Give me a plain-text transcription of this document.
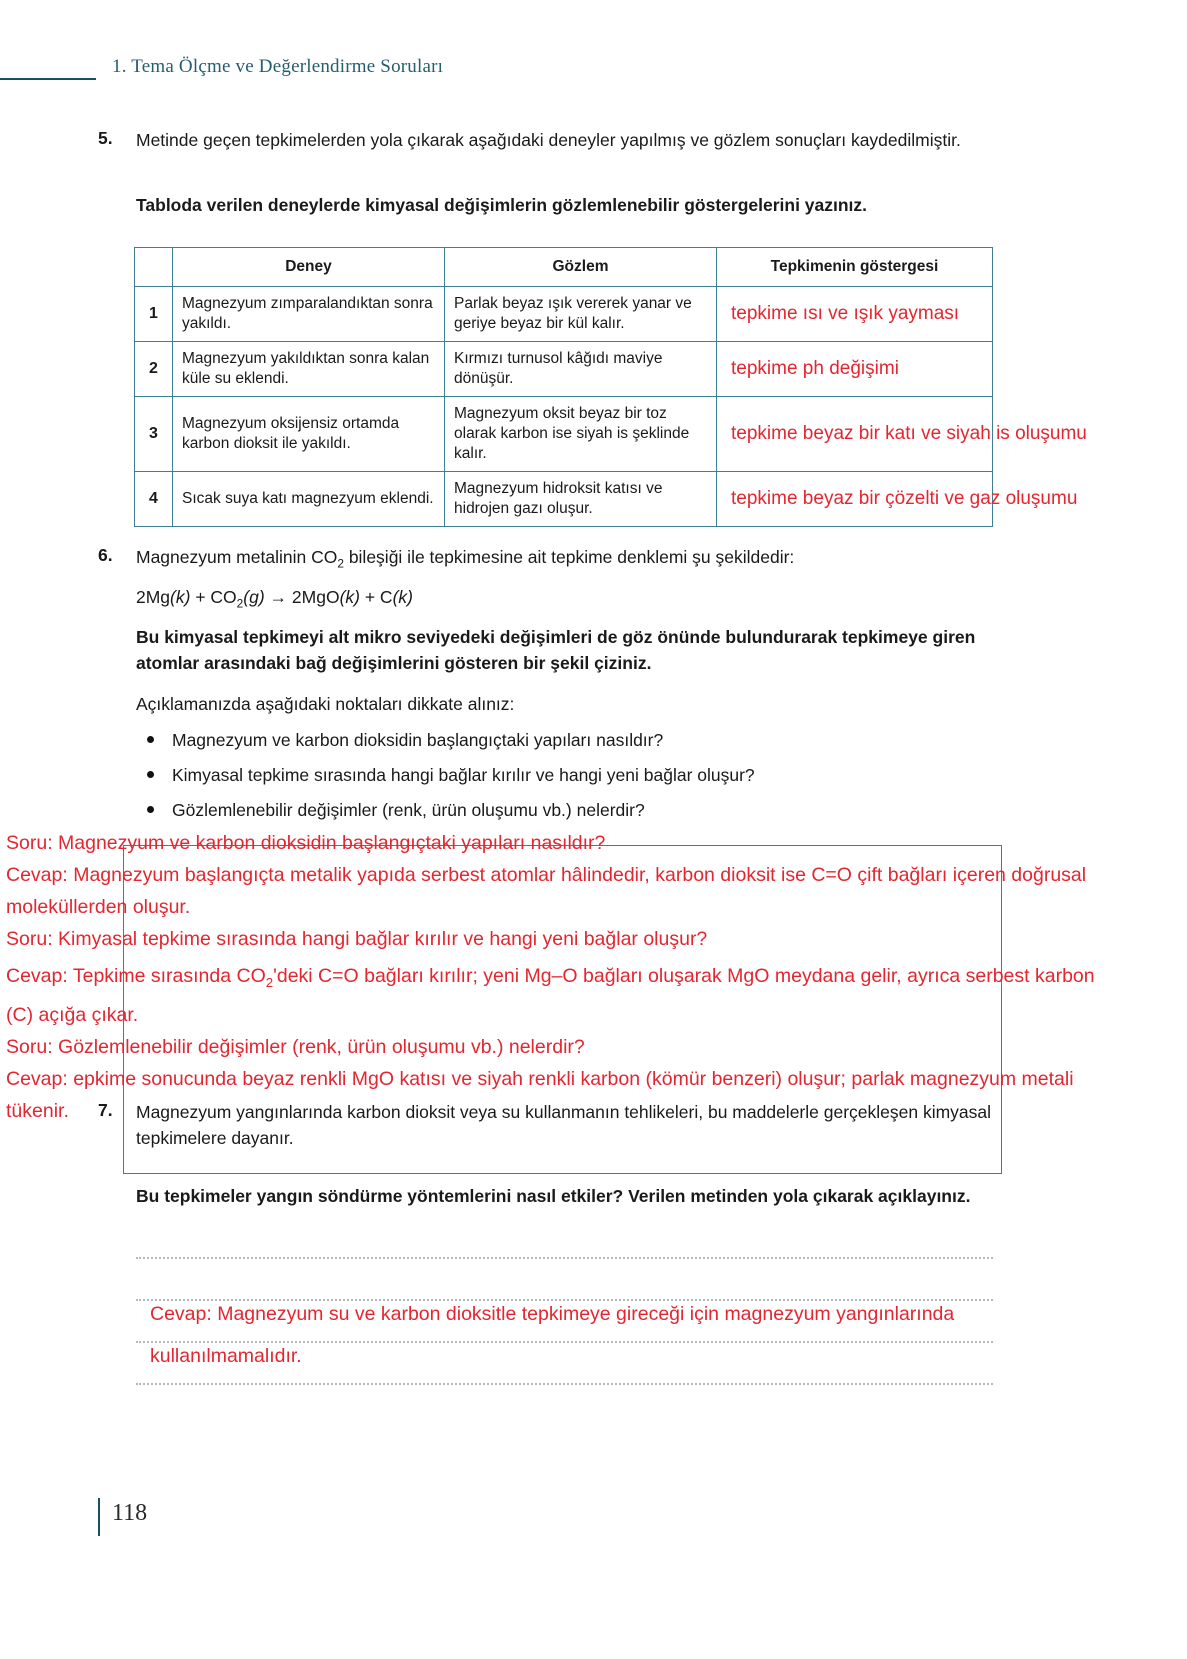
1. Tema Ölçme ve Değerlendirme Soruları
5. Metinde geçen tepkimelerden yola çıkarak aşağıdaki deneyler yapılmış ve gözlem sonuçları kaydedilmiştir.
Tabloda verilen deneylerde kimyasal değişimlerin gözlemlenebilir göstergelerini yazınız.
	Deney	Gözlem	Tepkimenin göstergesi
1	Magnezyum zımparalandıktan sonra yakıldı.	Parlak beyaz ışık vererek yanar ve geriye beyaz bir kül kalır.	tepkime ısı ve ışık yayması

2	Magnezyum yakıldıktan sonra kalan küle su eklendi.	Kırmızı turnusol kâğıdı maviye dönüşür.	tepkime ph değişimi

3	Magnezyum oksijensiz ortamda karbon dioksit ile yakıldı.	Magnezyum oksit beyaz bir toz olarak karbon ise siyah is şeklinde kalır.	tepkime beyaz bir katı ve siyah is oluşumu

4	Sıcak suya katı magnezyum eklendi.	Magnezyum hidroksit katısı ve hidrojen gazı oluşur.	tepkime beyaz bir çözelti ve gaz oluşumu
6. Magnezyum metalinin $CO_2$ bileşiği ile tepkimesine ait tepkime denklemi şu şekildedir:
$2Mg(k) + CO_2(g) \to 2MgO(k) + C(k)$
Bu kimyasal tepkimeyi alt mikro seviyedeki değişimleri de göz önünde bulundurarak tepkimeye giren atomlar arasındaki bağ değişimlerini gösteren bir şekil çiziniz.
Açıklamanızda aşağıdaki noktaları dikkate alınız:
Magnezyum ve karbon dioksidin başlangıçtaki yapıları nasıldır?
Kimyasal tepkime sırasında hangi bağlar kırılır ve hangi yeni bağlar oluşur?
Gözlemlenebilir değişimler (renk, ürün oluşumu vb.) nelerdir?

Soru: Magnezyum ve karbon dioksidin başlangıçtaki yapıları nasıldır?

Cevap: Magnezyum başlangıçta metalik yapıda serbest atomlar hâlindedir, karbon dioksit ise C=O çift bağları içeren doğrusal moleküllerden oluşur.

Soru: Kimyasal tepkime sırasında hangi bağlar kırılır ve hangi yeni bağlar oluşur?

Cevap: Tepkime sırasında $CO_2'deki$ C=O bağları kırılır; yeni Mg–O bağları oluşarak MgO meydana gelir, ayrıca serbest karbon (C) açığa çıkar.

Soru: Gözlemlenebilir değişimler (renk, ürün oluşumu vb.) nelerdir?

Cevap: epkime sonucunda beyaz renkli MgO katısı ve siyah renkli karbon (kömür benzeri) oluşur; parlak magnezyum metali tükenir.	7. Magnezyum yangınlarında karbon dioksit veya su kullanmanın tehlikeleri, bu maddelerle gerçekleşen kimyasal tepkimelere dayanır.
Bu tepkimeler yangın söndürme yöntemlerini nasıl etkiler? Verilen metinden yola çıkarak açıklayınız.
Cevap: Magnezyum su ve karbon dioksitle tepkimeye gireceği için magnezyum yangınlarında kullanılmamalıdır.
118
